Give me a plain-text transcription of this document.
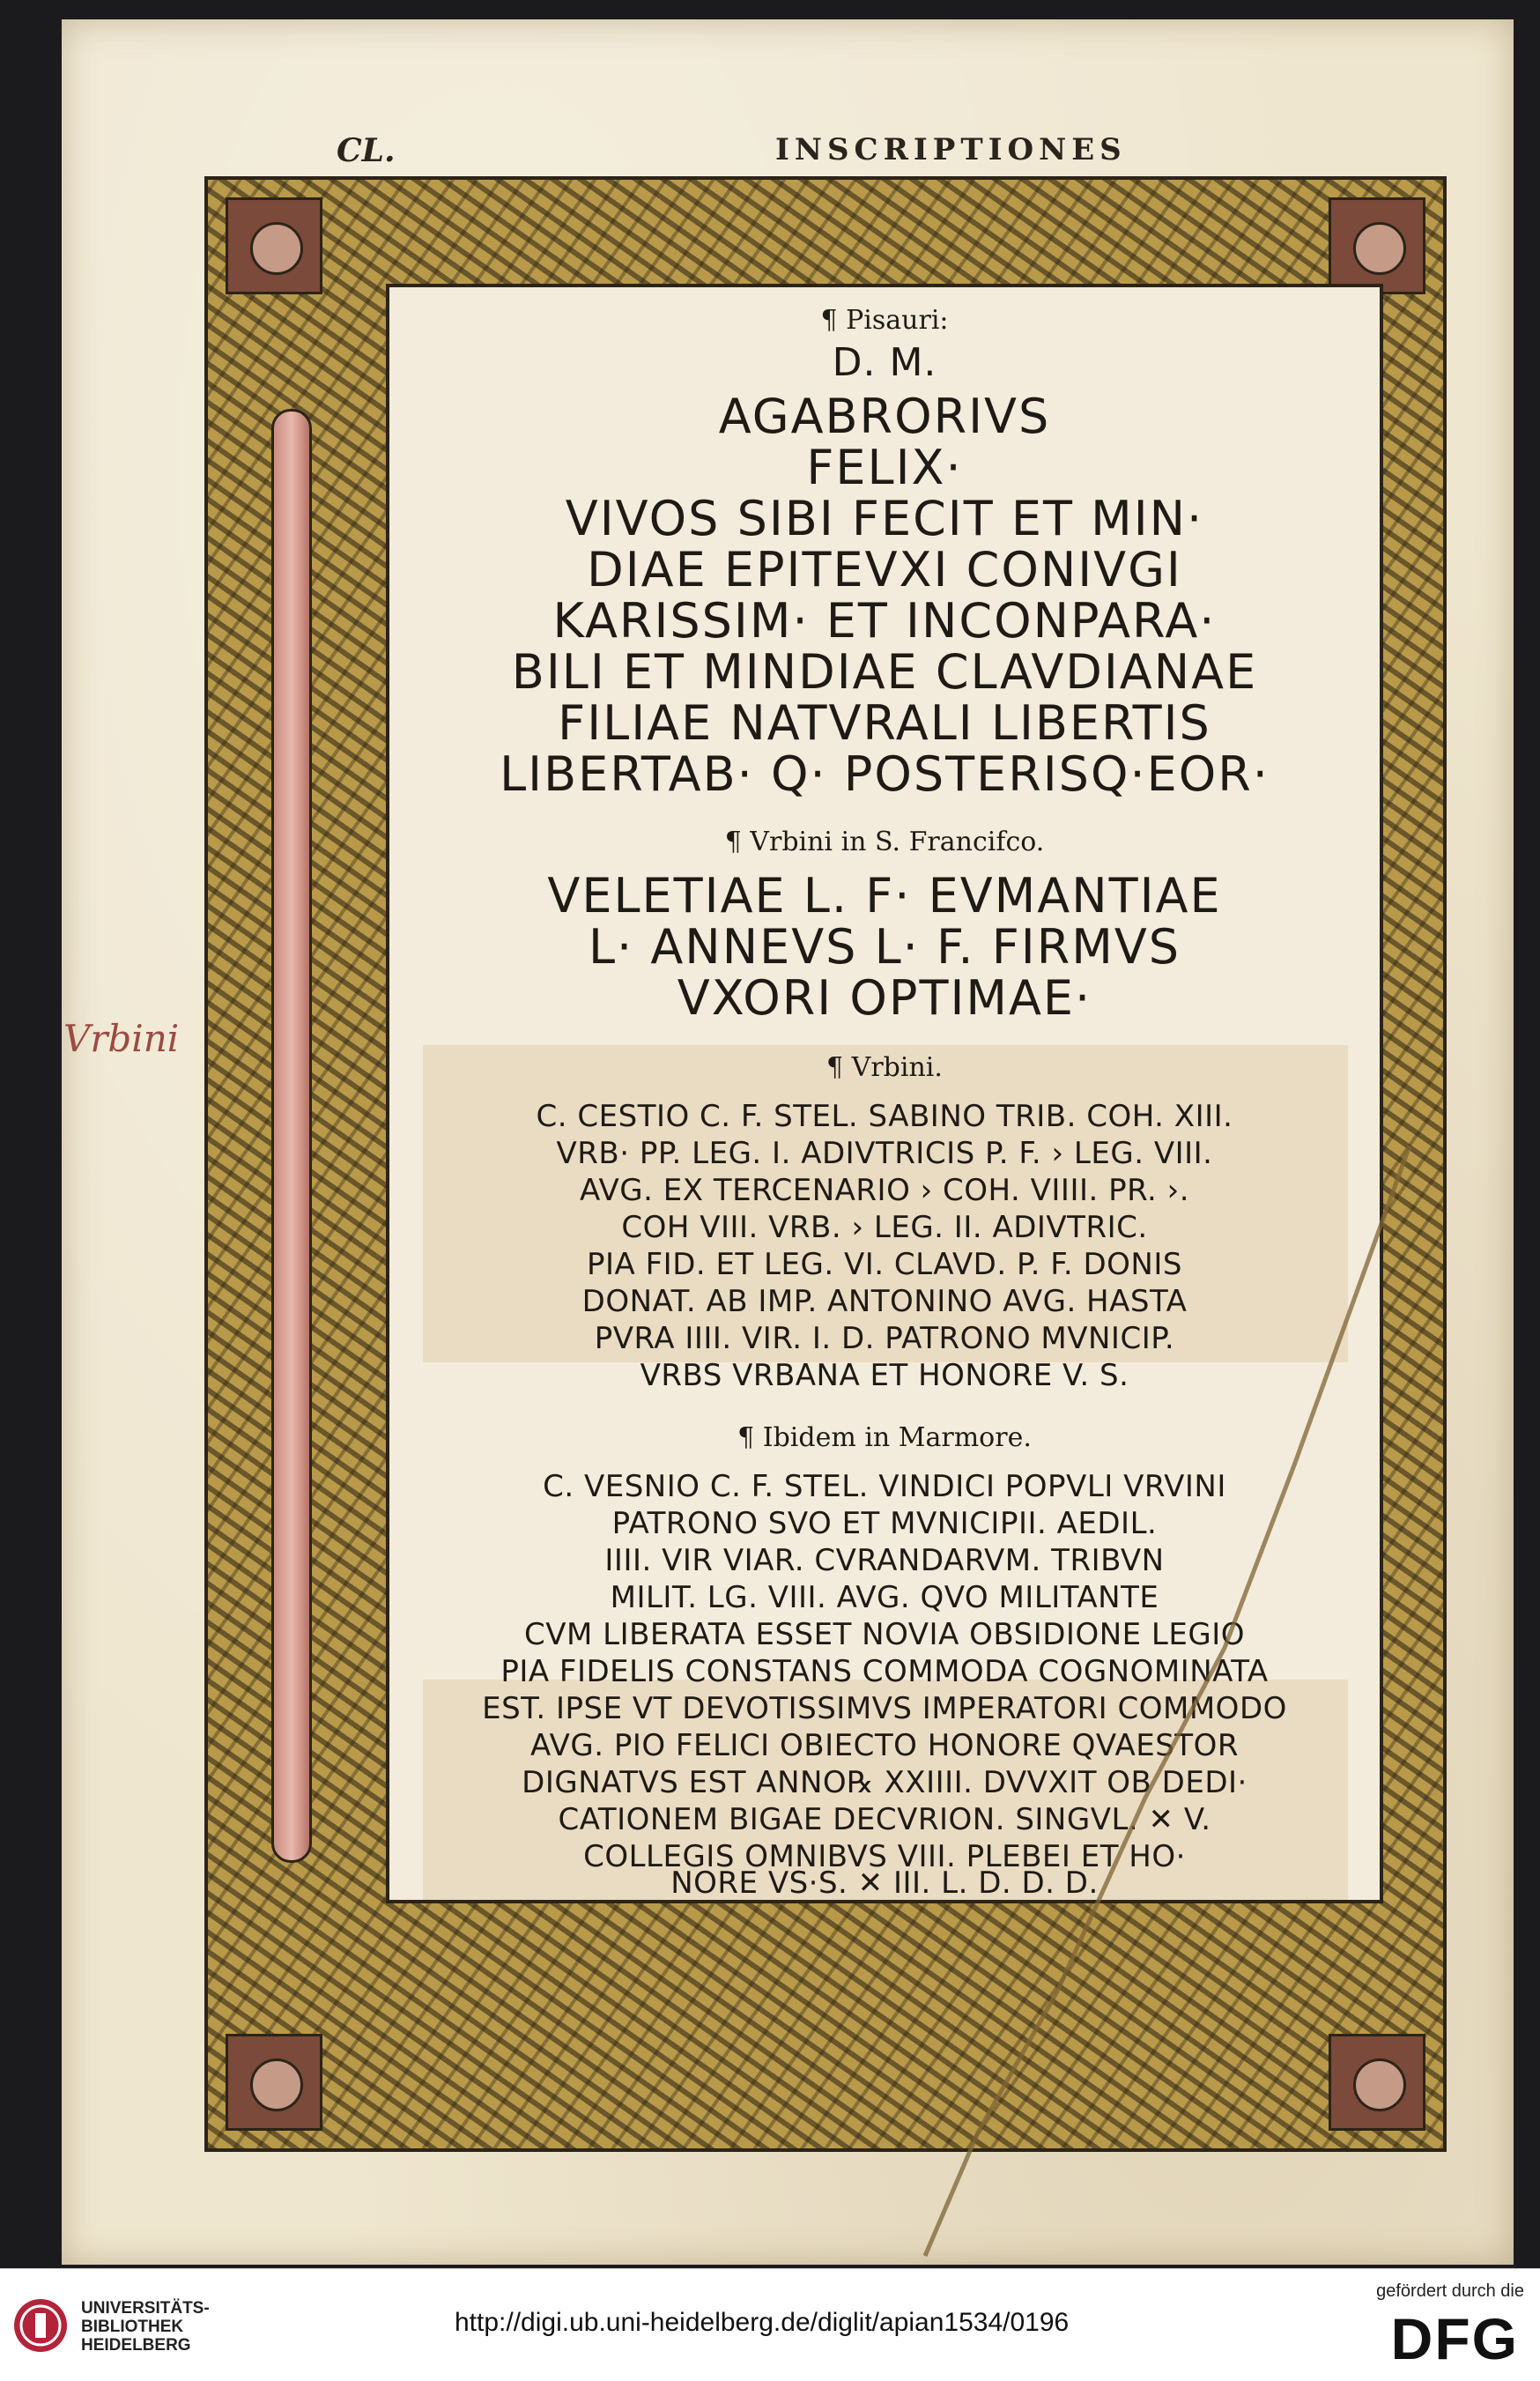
CL.	INSCRIPTIONES
Vrbini

¶ Pisauri:

D. M.

AGABRORIVS

FELIX·

VIVOS SIBI FECIT ET MIN·

DIAE EPITEVXI CONIVGI

KARISSIM· ET INCONPARA·

BILI ET MINDIAE CLAVDIANAE

FILIAE NATVRALI LIBERTIS

LIBERTAB· Q· POSTERISQ·EOR·

¶ Vrbini in S. Francifco.

VELETIAE L. F· EVMANTIAE

L· ANNEVS L· F. FIRMVS

VXORI OPTIMAE·

¶ Vrbini.

C. CESTIO C. F. STEL. SABINO TRIB. COH. XIII.

VRB· PP. LEG. I. ADIVTRICIS P. F. › LEG. VIII.

AVG. EX TERCENARIO › COH. VIIII. PR. ›.

COH VIII. VRB. › LEG. II. ADIVTRIC.

PIA FID. ET LEG. VI. CLAVD. P. F. DONIS

DONAT. AB IMP. ANTONINO AVG. HASTA

PVRA IIII. VIR. I. D. PATRONO MVNICIP.

VRBS VRBANA ET HONORE V. S.

¶ Ibidem in Marmore.

C. VESNIO C. F. STEL. VINDICI POPVLI VRVINI

PATRONO SVO ET MVNICIPII. AEDIL.

IIII. VIR VIAR. CVRANDARVM. TRIBVN

MILIT. LG. VIII. AVG. QVO MILITANTE

CVM LIBERATA ESSET NOVIA OBSIDIONE LEGIO

PIA FIDELIS CONSTANS COMMODA COGNOMINATA

EST. IPSE VT DEVOTISSIMVS IMPERATORI COMMODO

AVG. PIO FELICI OBIECTO HONORE QVAESTOR

DIGNATVS EST ANNO℞ XXIIII. DVVXIT OB DEDI·

CATIONEM BIGAE DECVRION. SINGVL. ✕ V.

COLLEGIS OMNIBVS VIII. PLEBEI ET HO·

NORE VS·S. ✕ III. L. D. D. D.

UNIVERSITÄTS-
BIBLIOTHEK
HEIDELBERG
http://digi.ub.uni-heidelberg.de/diglit/apian1534/0196
gefördert durch die
DFG
